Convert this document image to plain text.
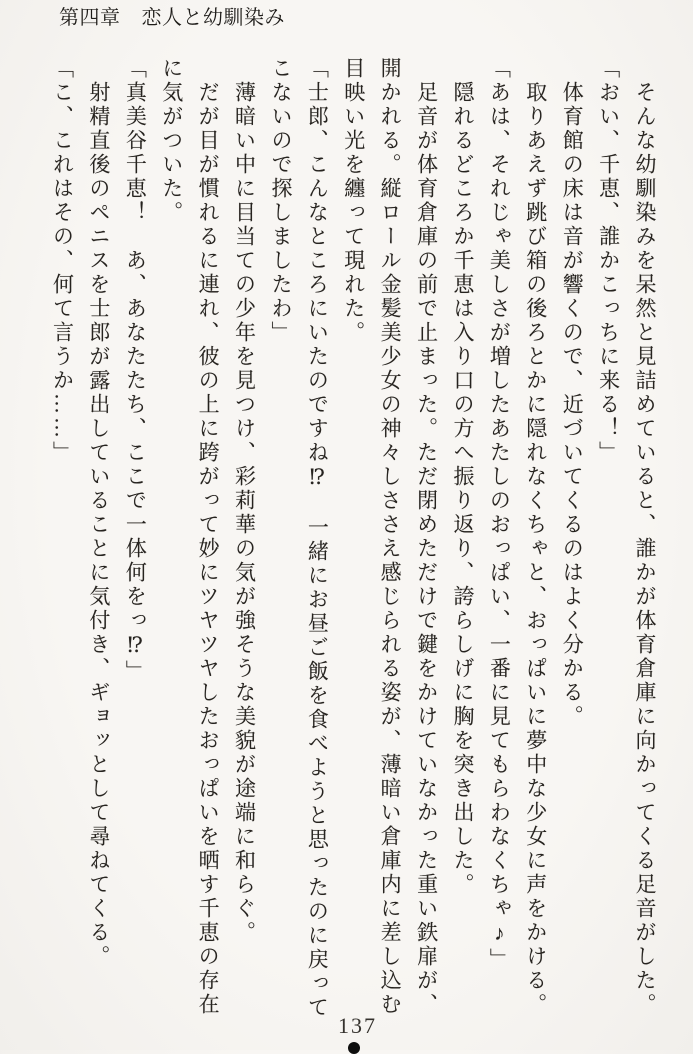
第四章 恋人と幼馴染み

　そんな幼馴染みを呆然と見詰めていると、誰かが体育倉庫に向かってくる足音がした。

「おい、千恵、誰かこっちに来る！」

　体育館の床は音が響くので、近づいてくるのはよく分かる。

　取りあえず跳び箱の後ろとかに隠れなくちゃと、おっぱいに夢中な少女に声をかける。

「あは、それじゃ美しさが増したあたしのおっぱい、一番に見てもらわなくちゃ♪」

　隠れるどころか千恵は入り口の方へ振り返り、誇らしげに胸を突き出した。

　足音が体育倉庫の前で止まった。ただ閉めただけで鍵をかけていなかった重い鉄扉が、開かれる。縦ロール金髪美少女の神々しささえ感じられる姿が、薄暗い倉庫内に差し込む目映い光を纏って現れた。

「士郎、こんなところにいたのですね⁉　一緒にお昼ご飯を食べようと思ったのに戻ってこないので探しましたわ」

　薄暗い中に目当ての少年を見つけ、彩莉華の気が強そうな美貌が途端に和らぐ。

　だが目が慣れるに連れ、彼の上に跨がって妙にツヤツヤしたおっぱいを晒す千恵の存在に気がついた。

「真美谷千恵！　あ、あなたたち、ここで一体何をっ⁉」

　射精直後のペニスを士郎が露出していることに気付き、ギョッとして尋ねてくる。

「こ、これはその、何て言うか……」

137
